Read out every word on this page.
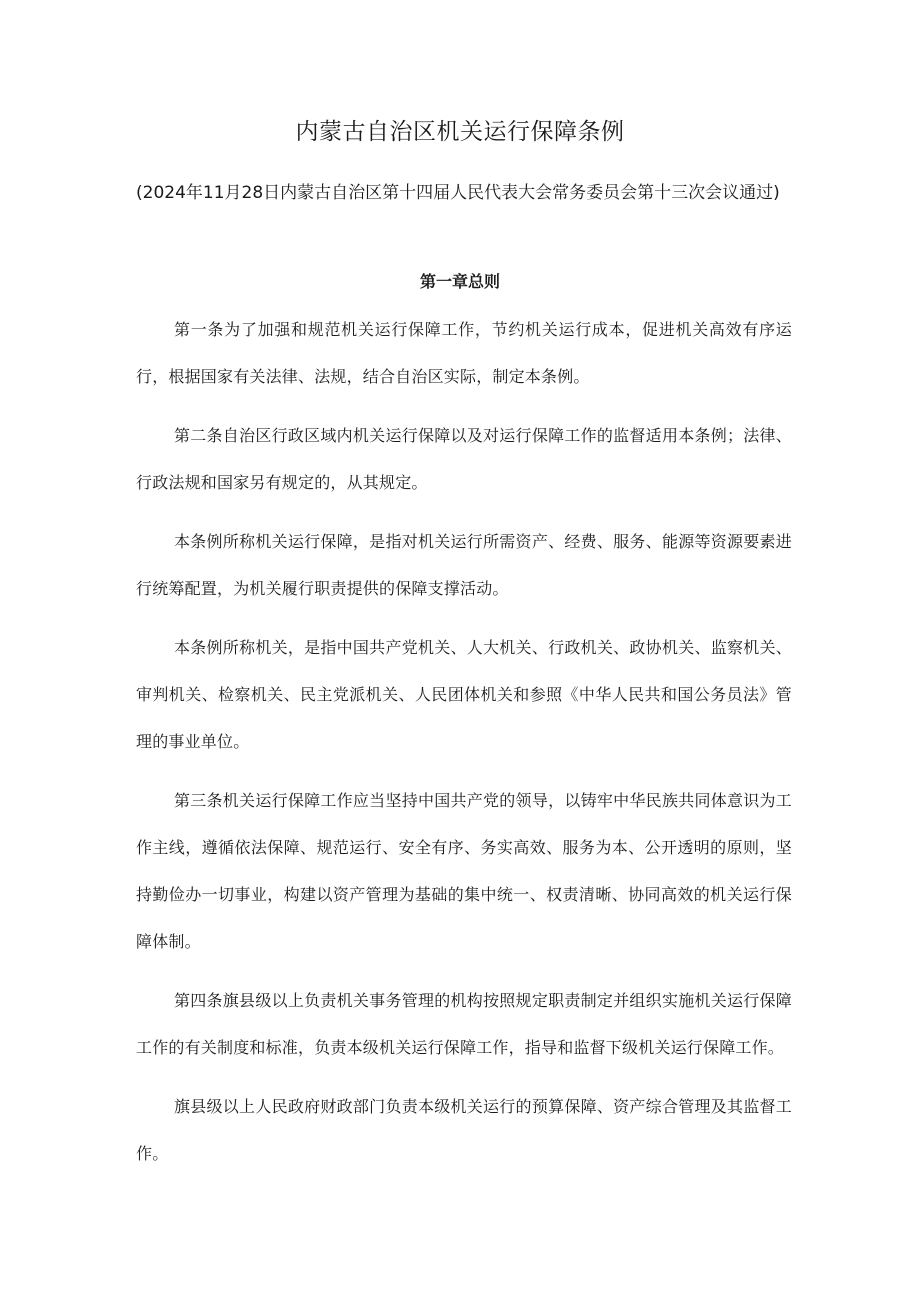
内蒙古自治区机关运行保障条例

(2024年11月28日内蒙古自治区第十四届人民代表大会常务委员会第十三次会议通过)

第一章总则

第一条为了加强和规范机关运行保障工作，节约机关运行成本，促进机关高效有序运行，根据国家有关法律、法规，结合自治区实际，制定本条例。

第二条自治区行政区域内机关运行保障以及对运行保障工作的监督适用本条例；法律、行政法规和国家另有规定的，从其规定。

本条例所称机关运行保障，是指对机关运行所需资产、经费、服务、能源等资源要素进行统筹配置，为机关履行职责提供的保障支撑活动。

本条例所称机关，是指中国共产党机关、人大机关、行政机关、政协机关、监察机关、审判机关、检察机关、民主党派机关、人民团体机关和参照《中华人民共和国公务员法》管理的事业单位。

第三条机关运行保障工作应当坚持中国共产党的领导，以铸牢中华民族共同体意识为工作主线，遵循依法保障、规范运行、安全有序、务实高效、服务为本、公开透明的原则，坚持勤俭办一切事业，构建以资产管理为基础的集中统一、权责清晰、协同高效的机关运行保障体制。

第四条旗县级以上负责机关事务管理的机构按照规定职责制定并组织实施机关运行保障工作的有关制度和标准，负责本级机关运行保障工作，指导和监督下级机关运行保障工作。

旗县级以上人民政府财政部门负责本级机关运行的预算保障、资产综合管理及其监督工作。
